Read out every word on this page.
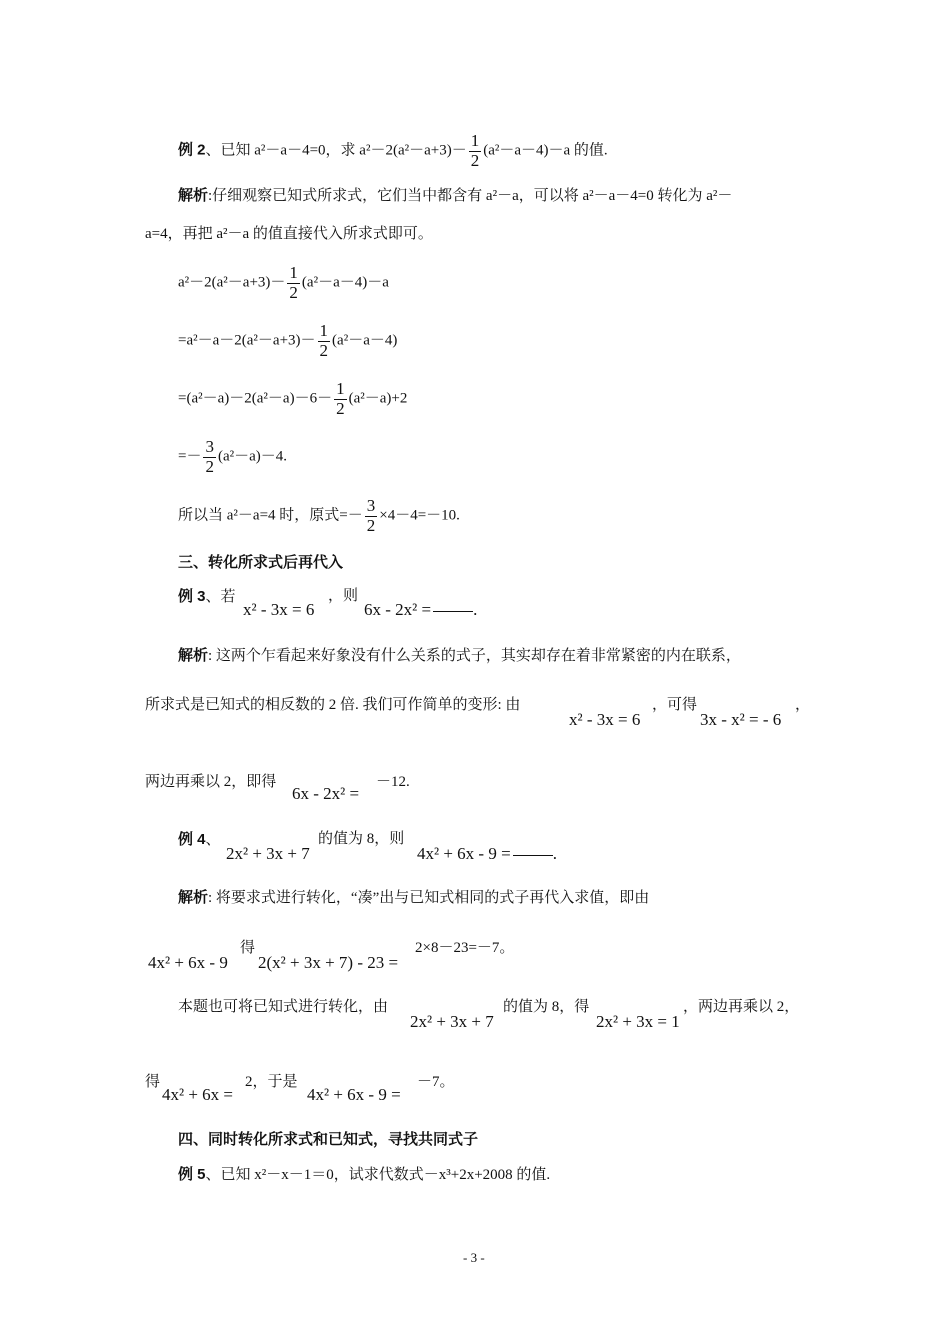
例 2、已知 a²－a－4=0，求 $a^2-2(a^2-a+3)- \frac{1}{2} (a^2-a-4)-a$ 的值.
解析:仔细观察已知式所求式，它们当中都含有 a²－a，可以将 a²－a－4=0 转化为 a²－
a=4，再把 a²－a 的值直接代入所求式即可。
$a^2-2(a^2-a+3)- \frac{1}{2} (a^2-a-4)-a$
$=a^2-a-2(a^2-a+3)- \frac{1}{2} (a^2-a-4)$
$=(a^2-a)-2(a^2-a)-6- \frac{1}{2} (a^2-a)+2$
=－ $\frac{3}{2} (a^2-a)-4$.
所以当 a²－a=4 时，原式=－ $\frac{3}{2} \times 4-4=-10$.
三、转化所求式后再代入
例 3、若
x² - 3x = 6
，则
6x - 2x² = .
解析: 这两个乍看起来好象没有什么关系的式子，其实却存在着非常紧密的内在联系，
所求式是已知式的相反数的 2 倍. 我们可作简单的变形: 由
x² - 3x = 6
，可得
3x - x² = - 6
，
两边再乘以 2，即得
6x - 2x² =
－12.
例 4、
2x² + 3x + 7
的值为 8，则
4x² + 6x - 9 = .
解析: 将要求式进行转化，“凑”出与已知式相同的式子再代入求值，即由
4x² + 6x - 9
得
2(x² + 3x + 7) - 23 =
2×8－23=－7。
本题也可将已知式进行转化，由
2x² + 3x + 7
的值为 8，得
2x² + 3x = 1
，两边再乘以 2，
得
4x² + 6x =
2，于是
4x² + 6x - 9 =
－7。
四、同时转化所求式和已知式，寻找共同式子
例 5、已知 x²－x－1＝0，试求代数式－x³+2x+2008 的值.
- 3 -
